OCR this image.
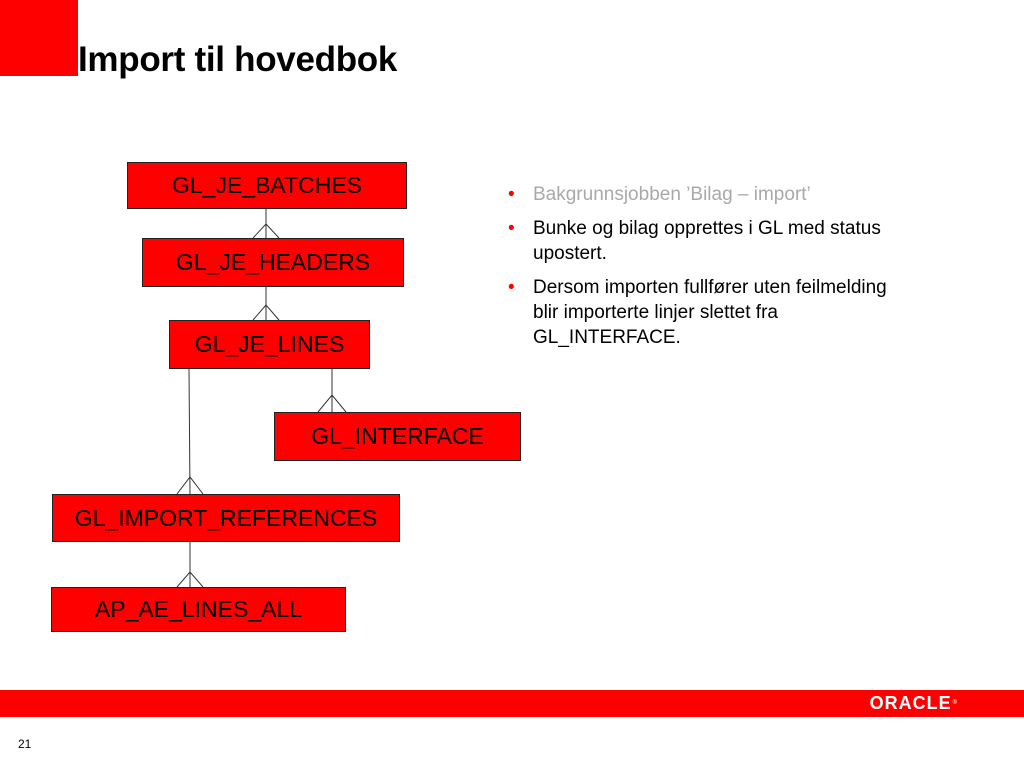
Import til hovedbok
GL_JE_BATCHES
GL_JE_HEADERS
GL_JE_LINES
GL_INTERFACE
GL_IMPORT_REFERENCES
AP_AE_LINES_ALL
• Bakgrunnsjobben ’Bilag – import’
• Bunke og bilag opprettes i GL med status upostert.
• Dersom importen fullfører uten feilmelding blir importerte linjer slettet fra GL_INTERFACE.
ORACLE®
21
